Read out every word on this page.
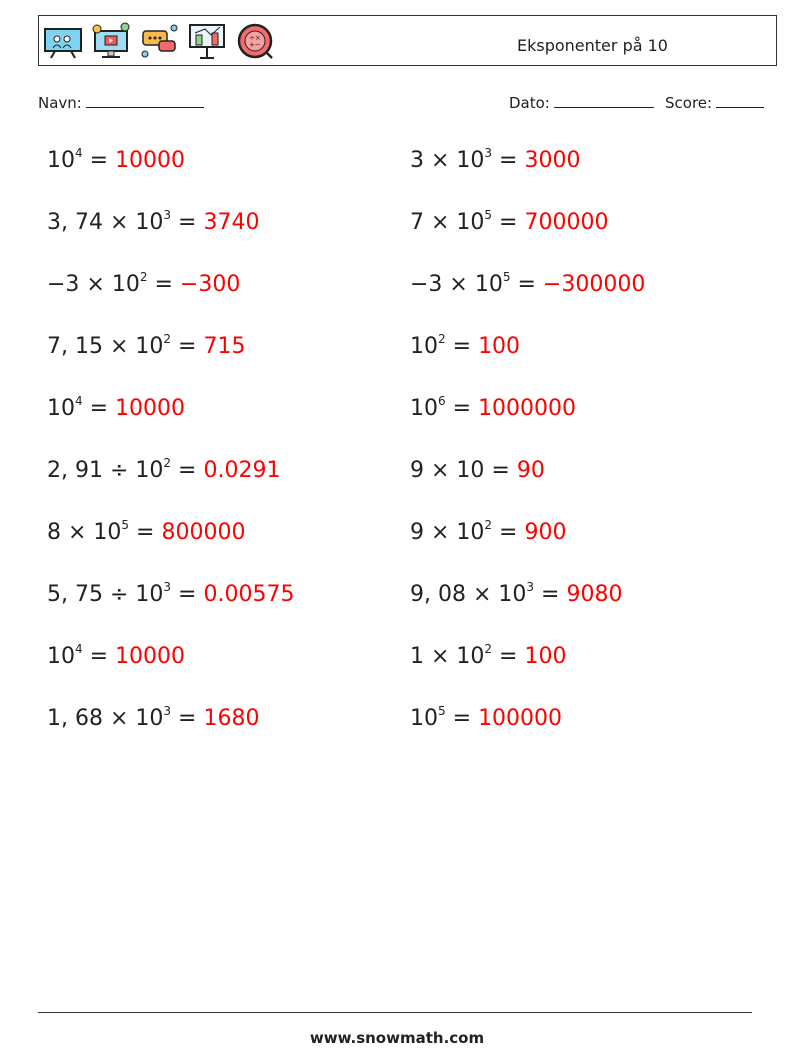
÷×
+−	Eksponenter på 10
Navn:	Dato:	Score:
$10^4 = 10000$	$3 \times 10^3 = 3000$
3, $74 \times 10^3 = 3740$	$7 \times 10^5 = 700000$
$-3 \times 10^2 = -300$	$-3 \times 10^5 = -300000$
7, $15 \times 10^2 = 715$	$10^2 = 100$
$10^4 = 10000$	$10^6 = 1000000$
2, $91 \div 10^2 = 0.0291$	9 × 10 = 90
$8 \times 10^5 = 800000$	$9 \times 10^2 = 900$
5, $75 \div 10^3 = 0.00575$	9, $08 \times 10^3 = 9080$
$10^4 = 10000$	$1 \times 10^2 = 100$
1, $68 \times 10^3 = 1680$	$10^5 = 100000$
www.snowmath.com
